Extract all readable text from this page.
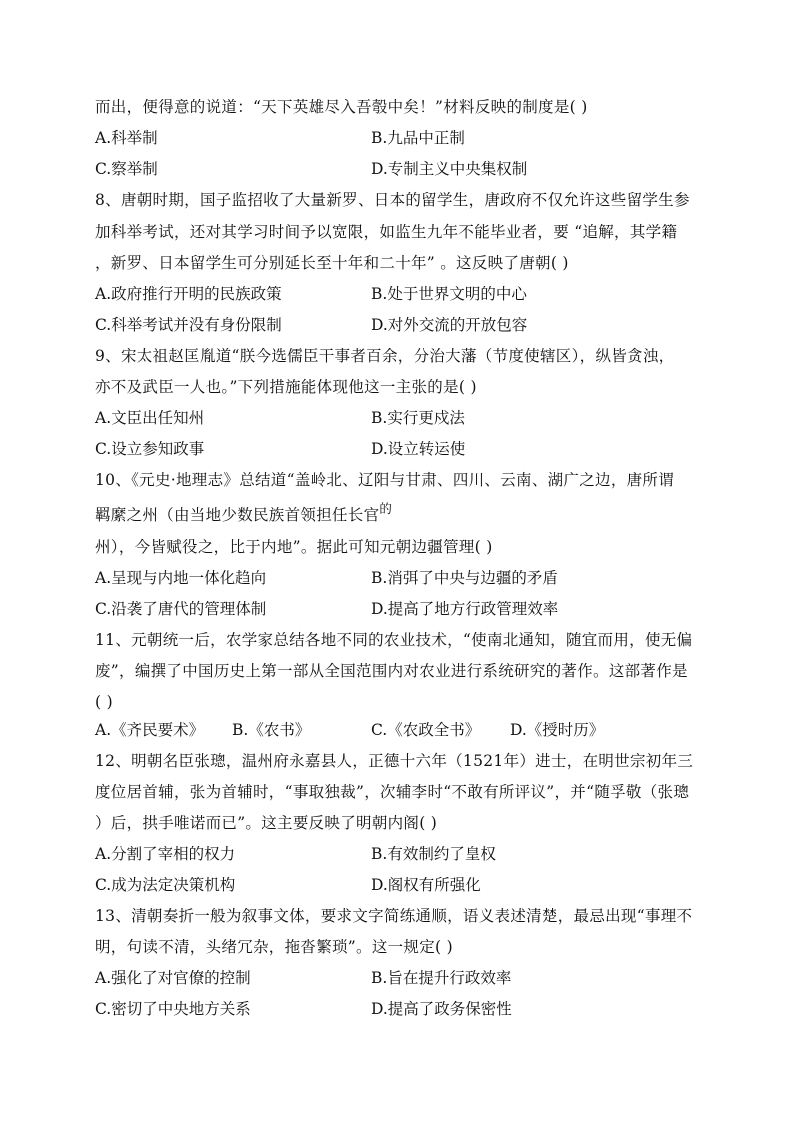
而出，便得意的说道：“天下英雄尽入吾彀中矣！”材料反映的制度是( )
A.科举制	B.九品中正制
C.察举制	D.专制主义中央集权制
8、唐朝时期，国子监招收了大量新罗、日本的留学生，唐政府不仅允许这些留学生参
加科举考试，还对其学习时间予以宽限，如监生九年不能毕业者，要 “追解，其学籍
，新罗、日本留学生可分别延长至十年和二十年” 。这反映了唐朝( )
A.政府推行开明的民族政策	B.处于世界文明的中心
C.科举考试并没有身份限制	D.对外交流的开放包容
9、宋太祖赵匡胤道“朕今选儒臣干事者百余，分治大藩（节度使辖区），纵皆贪浊，
亦不及武臣一人也。”下列措施能体现他这一主张的是( )
A.文臣出任知州	B.实行更戍法
C.设立参知政事	D.设立转运使
10、《元史·地理志》总结道“盖岭北、辽阳与甘肃、四川、云南、湖广之边，唐所谓
羁縻之州（由当地少数民族首领担任长官$^的$
州），今皆赋役之，比于内地”。据此可知元朝边疆管理( )
A.呈现与内地一体化趋向	B.消弭了中央与边疆的矛盾
C.沿袭了唐代的管理体制	D.提高了地方行政管理效率
11、元朝统一后，农学家总结各地不同的农业技术，“使南北通知，随宜而用，使无偏
废”，编撰了中国历史上第一部从全国范围内对农业进行系统研究的著作。这部著作是
( )
A.《齐民要术》 B.《农书》	C.《农政全书》 D.《授时历》
12、明朝名臣张璁，温州府永嘉县人，正德十六年（1521年）进士，在明世宗初年三
度位居首辅，张为首辅时，“事取独裁”，次辅李时“不敢有所评议”，并“随孚敬（张璁
）后，拱手唯诺而已”。这主要反映了明朝内阁( )
A.分割了宰相的权力	B.有效制约了皇权
C.成为法定决策机构	D.阁权有所强化
13、清朝奏折一般为叙事文体，要求文字简练通顺，语义表述清楚，最忌出现“事理不
明，句读不清，头绪冗杂，拖沓繁琐”。这一规定( )
A.强化了对官僚的控制	B.旨在提升行政效率
C.密切了中央地方关系	D.提高了政务保密性
